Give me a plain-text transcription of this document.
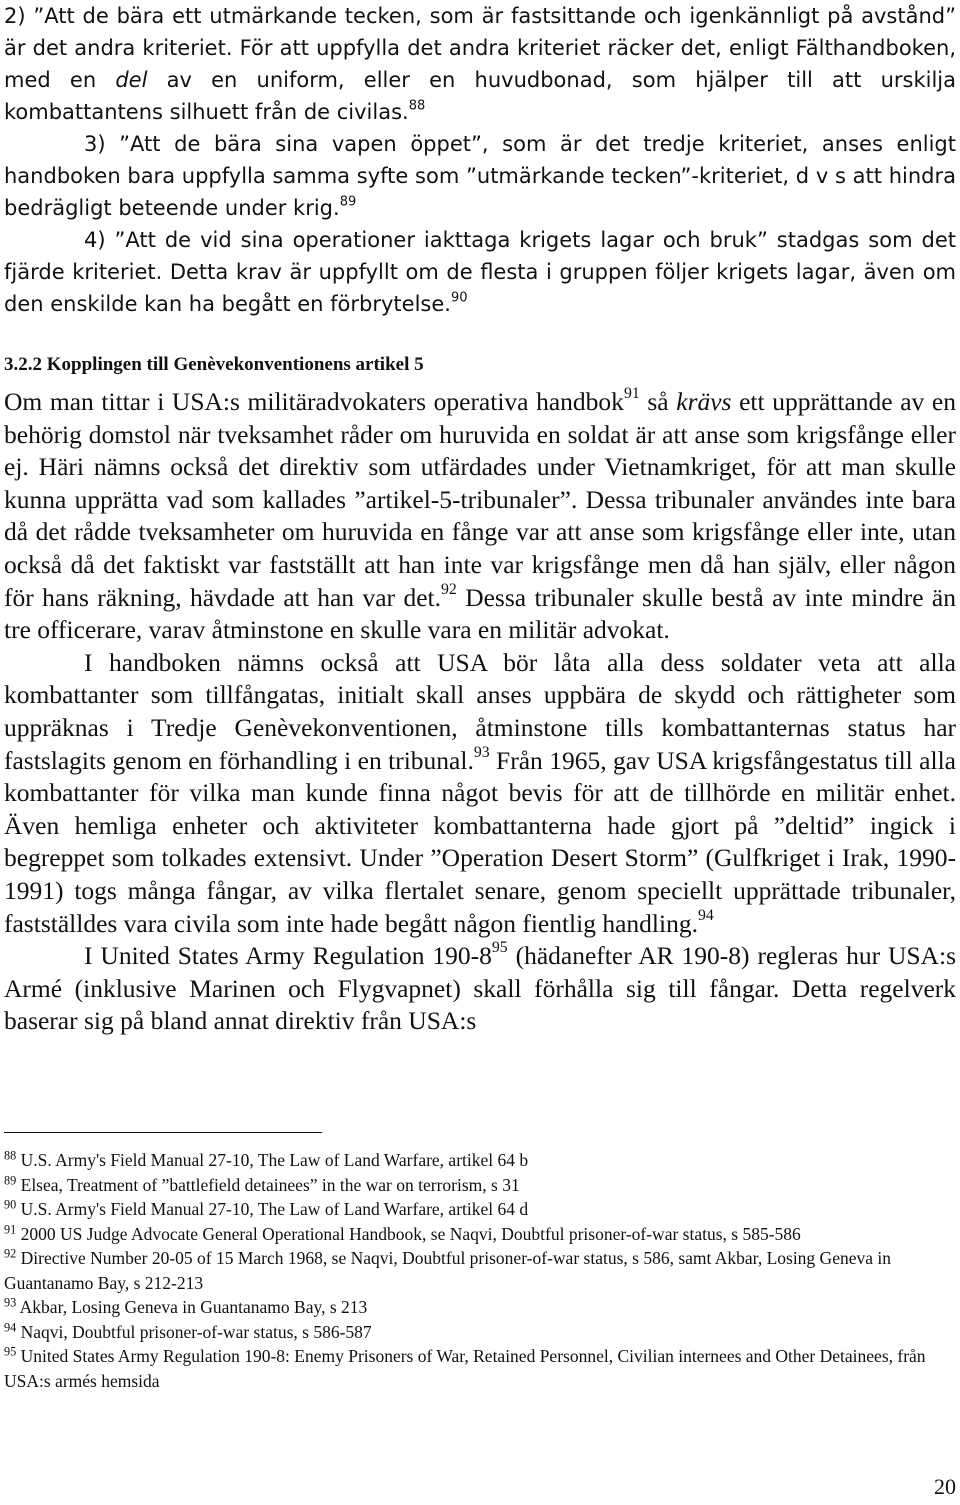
2) ”Att de bära ett utmärkande tecken, som är fastsittande och igenkännligt på avstånd” är det andra kriteriet. För att uppfylla det andra kriteriet räcker det, enligt Fälthandboken, med en del av en uniform, eller en huvudbonad, som hjälper till att urskilja kombattantens silhuett från de civilas.$^{88}$

3) ”Att de bära sina vapen öppet”, som är det tredje kriteriet, anses enligt handboken bara uppfylla samma syfte som ”utmärkande tecken”-kriteriet, d v s att hindra bedrägligt beteende under krig.$^{89}$

4) ”Att de vid sina operationer iakttaga krigets lagar och bruk” stadgas som det fjärde kriteriet. Detta krav är uppfyllt om de flesta i gruppen följer krigets lagar, även om den enskilde kan ha begått en förbrytelse.$^{90}$

3.2.2 Kopplingen till Genèvekonventionens artikel 5

Om man tittar i USA:s militäradvokaters operativa handbok$^{91}$ så krävs ett upprättande av en behörig domstol när tveksamhet råder om huruvida en soldat är att anse som krigsfånge eller ej. Häri nämns också det direktiv som utfärdades under Vietnamkriget, för att man skulle kunna upprätta vad som kallades ”artikel-5-tribunaler”. Dessa tribunaler användes inte bara då det rådde tveksamheter om huruvida en fånge var att anse som krigsfånge eller inte, utan också då det faktiskt var fastställt att han inte var krigsfånge men då han själv, eller någon för hans räkning, hävdade att han var det.$^{92}$ Dessa tribunaler skulle bestå av inte mindre än tre officerare, varav åtminstone en skulle vara en militär advokat.

I handboken nämns också att USA bör låta alla dess soldater veta att alla kombattanter som tillfångatas, initialt skall anses uppbära de skydd och rättigheter som uppräknas i Tredje Genèvekonventionen, åtminstone tills kombattanternas status har fastslagits genom en förhandling i en tribunal.$^{93}$ Från 1965, gav USA krigsfångestatus till alla kombattanter för vilka man kunde finna något bevis för att de tillhörde en militär enhet. Även hemliga enheter och aktiviteter kombattanterna hade gjort på ”deltid” ingick i begreppet som tolkades extensivt. Under ”Operation Desert Storm” (Gulfkriget i Irak, 1990-1991) togs många fångar, av vilka flertalet senare, genom speciellt upprättade tribunaler, fastställdes vara civila som inte hade begått någon fientlig handling.$^{94}$

I United States Army Regulation $190-8^{95}$ (hädanefter AR 190-8) regleras hur USA:s Armé (inklusive Marinen och Flygvapnet) skall förhålla sig till fångar. Detta regelverk baserar sig på bland annat direktiv från USA:s

$^{88}$ U.S. Army's Field Manual 27-10, The Law of Land Warfare, artikel 64 b

$^{89}$ Elsea, Treatment of ”battlefield detainees” in the war on terrorism, s 31

$^{90}$ U.S. Army's Field Manual 27-10, The Law of Land Warfare, artikel 64 d

$^{91}$ 2000 US Judge Advocate General Operational Handbook, se Naqvi, Doubtful prisoner-of-war status, s 585-586

$^{92}$ Directive Number 20-05 of 15 March 1968, se Naqvi, Doubtful prisoner-of-war status, s 586, samt Akbar, Losing Geneva in Guantanamo Bay, s 212-213

$^{93}$ Akbar, Losing Geneva in Guantanamo Bay, s 213

$^{94}$ Naqvi, Doubtful prisoner-of-war status, s 586-587

$^{95}$ United States Army Regulation 190-8: Enemy Prisoners of War, Retained Personnel, Civilian internees and Other Detainees, från USA:s armés hemsida

20
